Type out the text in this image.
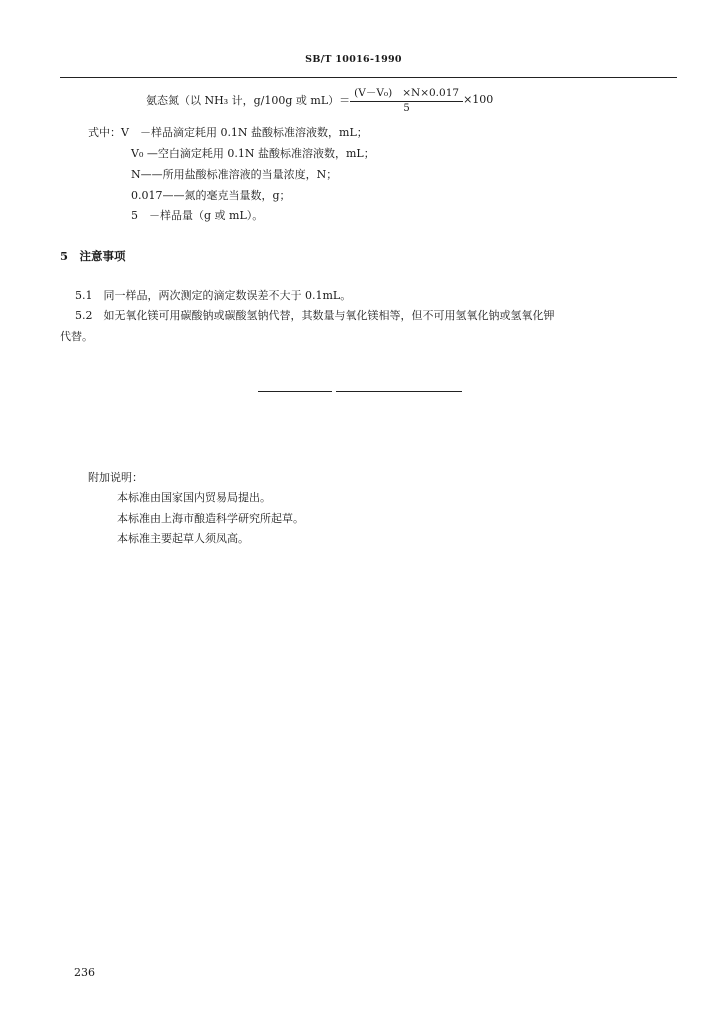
SB/T 10016-1990
氨态氮（以 NH₃ 计，g/100g 或 $mL)= \frac{\text{(V－V₀) ×N×0.017}}{5} \times 100$
式中：V　－样品滴定耗用 0.1N 盐酸标准溶液数，mL；
V₀ —空白滴定耗用 0.1N 盐酸标准溶液数，mL；
N——所用盐酸标准溶液的当量浓度，N；
0.017——氮的毫克当量数，g；
5　－样品量（g 或 mL）。
5　注意事项
5.1　同一样品，两次测定的滴定数误差不大于 0.1mL。
5.2　如无氧化镁可用碳酸钠或碳酸氢钠代替，其数量与氧化镁相等，但不可用氢氧化钠或氢氧化钾
代替。
附加说明：
本标准由国家国内贸易局提出。
本标准由上海市酿造科学研究所起草。
本标准主要起草人须凤高。
236
